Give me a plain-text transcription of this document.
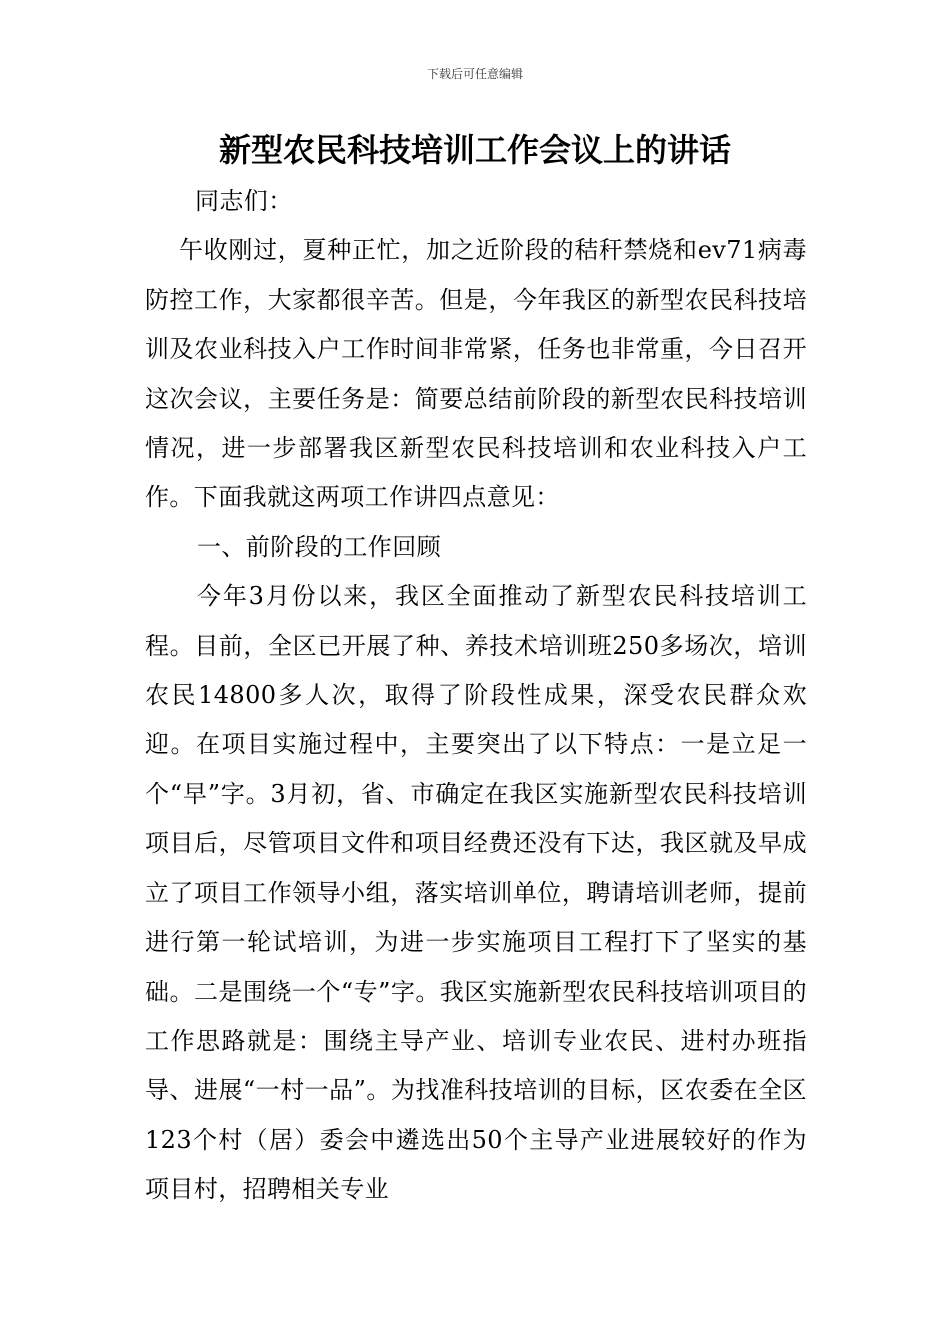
下载后可任意编辑
新型农民科技培训工作会议上的讲话

同志们：

午收刚过，夏种正忙，加之近阶段的秸秆禁烧和ev71病毒防控工作，大家都很辛苦。但是，今年我区的新型农民科技培训及农业科技入户工作时间非常紧，任务也非常重，今日召开这次会议，主要任务是：简要总结前阶段的新型农民科技培训情况，进一步部署我区新型农民科技培训和农业科技入户工作。下面我就这两项工作讲四点意见：

一、前阶段的工作回顾

今年3月份以来，我区全面推动了新型农民科技培训工程。目前，全区已开展了种、养技术培训班250多场次，培训农民14800多人次，取得了阶段性成果，深受农民群众欢迎。在项目实施过程中，主要突出了以下特点：一是立足一个“早”字。3月初，省、市确定在我区实施新型农民科技培训项目后，尽管项目文件和项目经费还没有下达，我区就及早成立了项目工作领导小组，落实培训单位，聘请培训老师，提前进行第一轮试培训，为进一步实施项目工程打下了坚实的基础。二是围绕一个“专”字。我区实施新型农民科技培训项目的工作思路就是：围绕主导产业、培训专业农民、进村办班指导、进展“一村一品”。为找准科技培训的目标，区农委在全区123个村（居）委会中遴选出50个主导产业进展较好的作为项目村，招聘相关专业
